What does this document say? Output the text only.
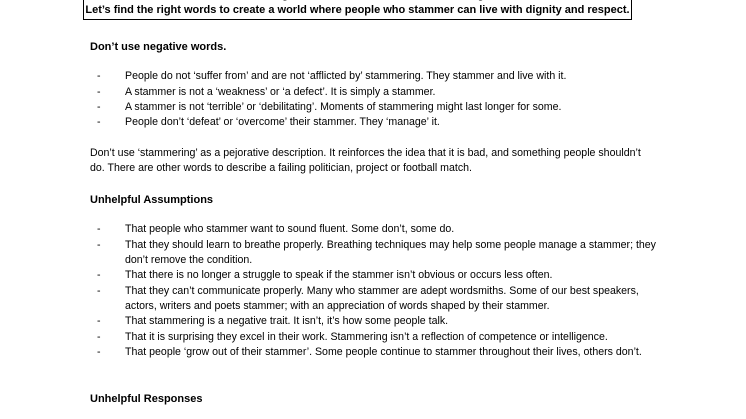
Let’s find the right words to create a world where people who stammer can live with dignity and respect.
Don’t use negative words.
- People do not ‘suffer from’ and are not ‘afflicted by’ stammering. They stammer and live with it.
- A stammer is not a ‘weakness’ or ‘a defect’. It is simply a stammer.
- A stammer is not ‘terrible’ or ‘debilitating’. Moments of stammering might last longer for some.
- People don’t ‘defeat’ or ‘overcome’ their stammer. They ‘manage’ it.
Don’t use ‘stammering’ as a pejorative description. It reinforces the idea that it is bad, and something people shouldn’t do. There are other words to describe a failing politician, project or football match.
Unhelpful Assumptions
- That people who stammer want to sound fluent. Some don’t, some do.
- That they should learn to breathe properly. Breathing techniques may help some people manage a stammer; they don’t remove the condition.
- That there is no longer a struggle to speak if the stammer isn’t obvious or occurs less often.
- That they can’t communicate properly. Many who stammer are adept wordsmiths. Some of our best speakers, actors, writers and poets stammer; with an appreciation of words shaped by their stammer.
- That stammering is a negative trait. It isn’t, it’s how some people talk.
- That it is surprising they excel in their work. Stammering isn’t a reflection of competence or intelligence.
- That people ‘grow out of their stammer’. Some people continue to stammer throughout their lives, others don’t.
Unhelpful Responses
